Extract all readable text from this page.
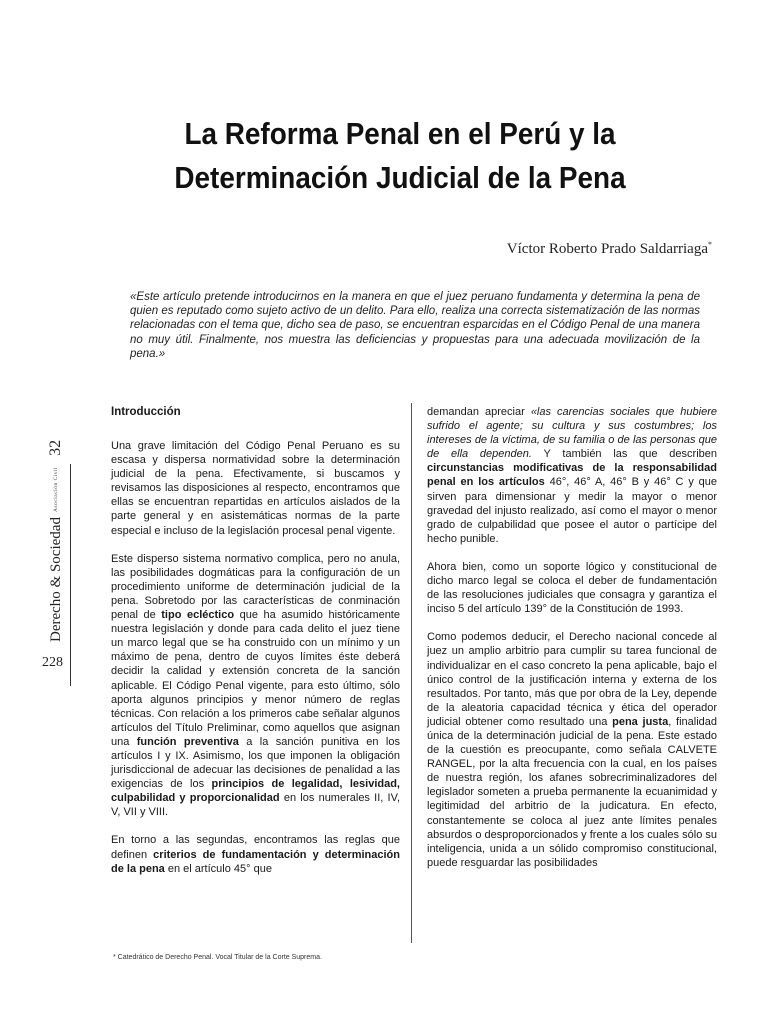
La Reforma Penal en el Perú y la
Determinación Judicial de la Pena
Víctor Roberto Prado Saldarriaga*

«Este artículo pretende introducirnos en la manera en que el juez peruano fundamenta y determina la pena de quien es reputado como sujeto activo de un delito. Para ello, realiza una correcta sistematización de las normas relacionadas con el tema que, dicho sea de paso, se encuentran esparcidas en el Código Penal de una manera no muy útil. Finalmente, nos muestra las deficiencias y propuestas para una adecuada movilización de la pena.»

Derecho & Sociedad
Asociación Civil
32
228
Introducción

Una grave limitación del Código Penal Peruano es su escasa y dispersa normatividad sobre la determinación judicial de la pena. Efectivamente, si buscamos y revisamos las disposiciones al respecto, encontramos que ellas se encuentran repartidas en artículos aislados de la parte general y en asistemáticas normas de la parte especial e incluso de la legislación procesal penal vigente.

Este disperso sistema normativo complica, pero no anula, las posibilidades dogmáticas para la configuración de un procedimiento uniforme de determinación judicial de la pena. Sobretodo por las características de conminación penal de tipo ecléctico que ha asumido históricamente nuestra legislación y donde para cada delito el juez tiene un marco legal que se ha construido con un mínimo y un máximo de pena, dentro de cuyos límites éste deberá decidir la calidad y extensión concreta de la sanción aplicable. El Código Penal vigente, para esto último, sólo aporta algunos principios y menor número de reglas técnicas. Con relación a los primeros cabe señalar algunos artículos del Título Preliminar, como aquellos que asignan una función preventiva a la sanción punitiva en los artículos I y IX. Asimismo, los que imponen la obligación jurisdiccional de adecuar las decisiones de penalidad a las exigencias de los principios de legalidad, lesividad, culpabilidad y proporcionalidad en los numerales II, IV, V, VII y VIII.

En torno a las segundas, encontramos las reglas que definen criterios de fundamentación y determinación de la pena en el artículo 45° que

demandan apreciar «las carencias sociales que hubiere sufrido el agente; su cultura y sus costumbres; los intereses de la víctima, de su familia o de las personas que de ella dependen. Y también las que describen circunstancias modificativas de la responsabilidad penal en los artículos 46°, 46° A, 46° B y 46° C y que sirven para dimensionar y medir la mayor o menor gravedad del injusto realizado, así como el mayor o menor grado de culpabilidad que posee el autor o partícipe del hecho punible.

Ahora bien, como un soporte lógico y constitucional de dicho marco legal se coloca el deber de fundamentación de las resoluciones judiciales que consagra y garantiza el inciso 5 del artículo 139° de la Constitución de 1993.

Como podemos deducir, el Derecho nacional concede al juez un amplio arbitrio para cumplir su tarea funcional de individualizar en el caso concreto la pena aplicable, bajo el único control de la justificación interna y externa de los resultados. Por tanto, más que por obra de la Ley, depende de la aleatoria capacidad técnica y ética del operador judicial obtener como resultado una pena justa, finalidad única de la determinación judicial de la pena. Este estado de la cuestión es preocupante, como señala CALVETE RANGEL, por la alta frecuencia con la cual, en los países de nuestra región, los afanes sobrecriminalizadores del legislador someten a prueba permanente la ecuanimidad y legitimidad del arbitrio de la judicatura. En efecto, constantemente se coloca al juez ante límites penales absurdos o desproporcionados y frente a los cuales sólo su inteligencia, unida a un sólido compromiso constitucional, puede resguardar las posibilidades

* Catedrático de Derecho Penal. Vocal Titular de la Corte Suprema.
